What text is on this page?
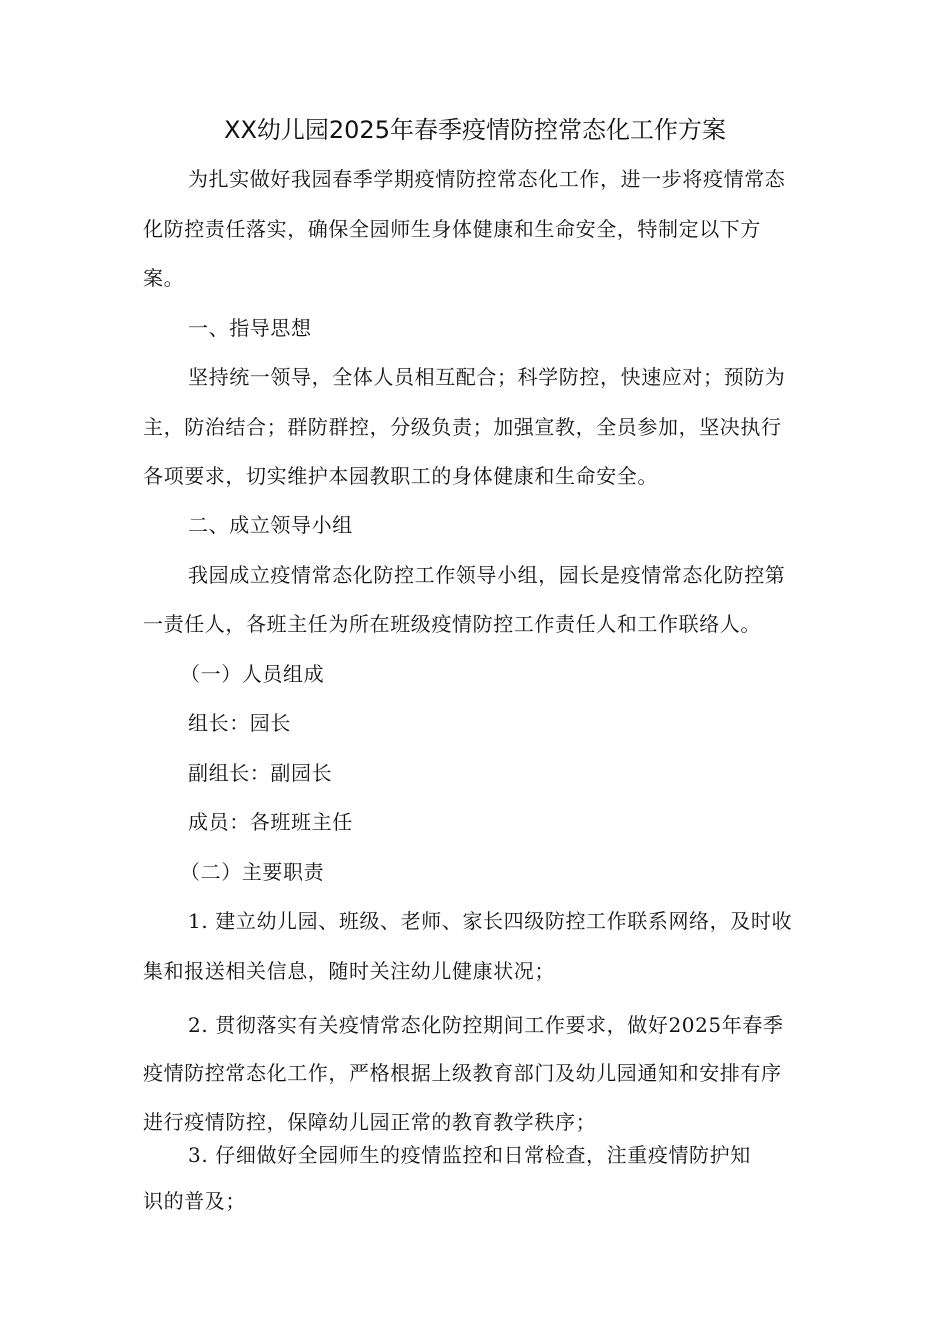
XX幼儿园2025年春季疫情防控常态化工作方案
为扎实做好我园春季学期疫情防控常态化工作，进一步将疫情常态
化防控责任落实，确保全园师生身体健康和生命安全，特制定以下方
案。
一、指导思想
坚持统一领导，全体人员相互配合；科学防控，快速应对；预防为
主，防治结合；群防群控，分级负责；加强宣教，全员参加，坚决执行
各项要求，切实维护本园教职工的身体健康和生命安全。
二、成立领导小组
我园成立疫情常态化防控工作领导小组，园长是疫情常态化防控第
一责任人，各班主任为所在班级疫情防控工作责任人和工作联络人。
（一）人员组成
组长：园长
副组长：副园长
成员：各班班主任
（二）主要职责
1. 建立幼儿园、班级、老师、家长四级防控工作联系网络，及时收
集和报送相关信息，随时关注幼儿健康状况；
2. 贯彻落实有关疫情常态化防控期间工作要求，做好2025年春季
疫情防控常态化工作，严格根据上级教育部门及幼儿园通知和安排有序
进行疫情防控，保障幼儿园正常的教育教学秩序；
3. 仔细做好全园师生的疫情监控和日常检查，注重疫情防护知
识的普及；
